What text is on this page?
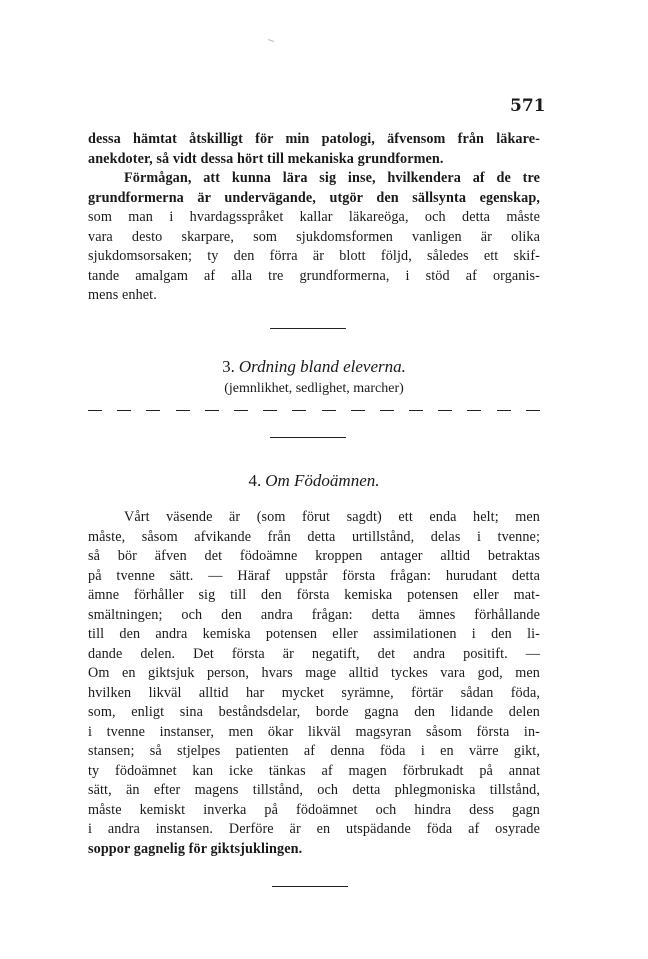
571
dessa hämtat åtskilligt för min patologi, äfvensom från läkare-
anekdoter, så vidt dessa hört till mekaniska grundformen.
Förmågan, att kunna lära sig inse, hvilkendera af de tre
grundformerna är undervägande, utgör den sällsynta egenskap,
som man i hvardagsspråket kallar läkareöga, och detta måste
vara desto skarpare, som sjukdomsformen vanligen är olika
sjukdomsorsaken; ty den förra är blott följd, således ett skif-
tande amalgam af alla tre grundformerna, i stöd af organis-
mens enhet.
3. Ordning bland eleverna.
(jemnlikhet, sedlighet, marcher)
4. Om Födoämnen.
Vårt väsende är (som förut sagdt) ett enda helt; men
måste, såsom afvikande från detta urtillstånd, delas i tvenne;
så bör äfven det födoämne kroppen antager alltid betraktas
på tvenne sätt. — Häraf uppstår första frågan: hurudant detta
ämne förhåller sig till den första kemiska potensen eller mat-
smältningen; och den andra frågan: detta ämnes förhållande
till den andra kemiska potensen eller assimilationen i den li-
dande delen. Det första är negatift, det andra positift. —
Om en giktsjuk person, hvars mage alltid tyckes vara god, men
hvilken likväl alltid har mycket syrämne, förtär sådan föda,
som, enligt sina beståndsdelar, borde gagna den lidande delen
i tvenne instanser, men ökar likväl magsyran såsom första in-
stansen; så stjelpes patienten af denna föda i en värre gikt,
ty födoämnet kan icke tänkas af magen förbrukadt på annat
sätt, än efter magens tillstånd, och detta phlegmoniska tillstånd,
måste kemiskt inverka på födoämnet och hindra dess gagn
i andra instansen. Derföre är en utspädande föda af osyrade
soppor gagnelig för giktsjuklingen.
